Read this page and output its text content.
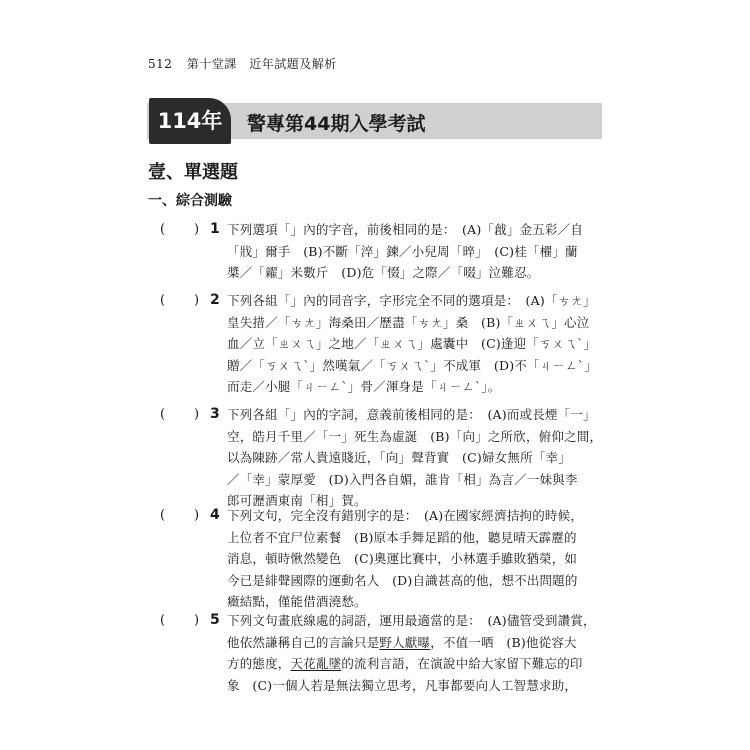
512 第十堂課　近年試題及解析
114年	警專第44期入學考試
壹、單選題
一、綜合測驗
( ) 1 下列選項「」內的字音，前後相同的是：　(A)「戧」金五彩／自
「戕」爾手　(B)不斷「淬」鍊／小兒周「晬」　(C)桂「櫂」蘭
槳／「糴」米數斤　(D)危「惙」之際／「啜」泣難忍。
( ) 2 下列各組「」內的同音字，字形完全不同的選項是：　(A)「ㄘㄤ」
皇失措／「ㄘㄤ」海桑田／歷盡「ㄘㄤ」桑　(B)「ㄓㄨㄟ」心泣
血／立「ㄓㄨㄟ」之地／「ㄓㄨㄟ」處囊中　(C)逢迎「ㄎㄨㄟˋ」
贈／「ㄎㄨㄟˋ」然嘆氣／「ㄎㄨㄟˋ」不成軍　(D)不「ㄐㄧㄥˋ」
而走／小腿「ㄐㄧㄥˋ」骨／渾身是「ㄐㄧㄥˋ」。
( ) 3 下列各組「」內的字詞，意義前後相同的是：　(A)而或長煙「一」
空，皓月千里／「一」死生為虛誕　(B)「向」之所欣，俯仰之間，
以為陳跡／常人貴遠賤近，「向」聲背實　(C)婦女無所「幸」
／「幸」蒙厚愛　(D)入門各自媚，誰肯「相」為言／一妹與李
郎可瀝酒東南「相」賀。
( ) 4 下列文句，完全沒有錯別字的是：　(A)在國家經濟拮拘的時候，
上位者不宜尸位素餐　(B)原本手舞足蹈的他，聽見晴天霹靂的
消息，頓時愀然變色　(C)奧運比賽中，小林選手雖敗猶榮，如
今已是緋聲國際的運動名人　(D)自識甚高的他，想不出問題的
癥結點，僅能借酒澆愁。
( ) 5 下列文句畫底線處的詞語，運用最適當的是：　(A)儘管受到讚賞，
他依然謙稱自己的言論只是野人獻曝，不值一哂　(B)他從容大
方的態度，天花亂墜的流利言語，在演說中給大家留下難忘的印
象　(C)一個人若是無法獨立思考，凡事都要向人工智慧求助，
